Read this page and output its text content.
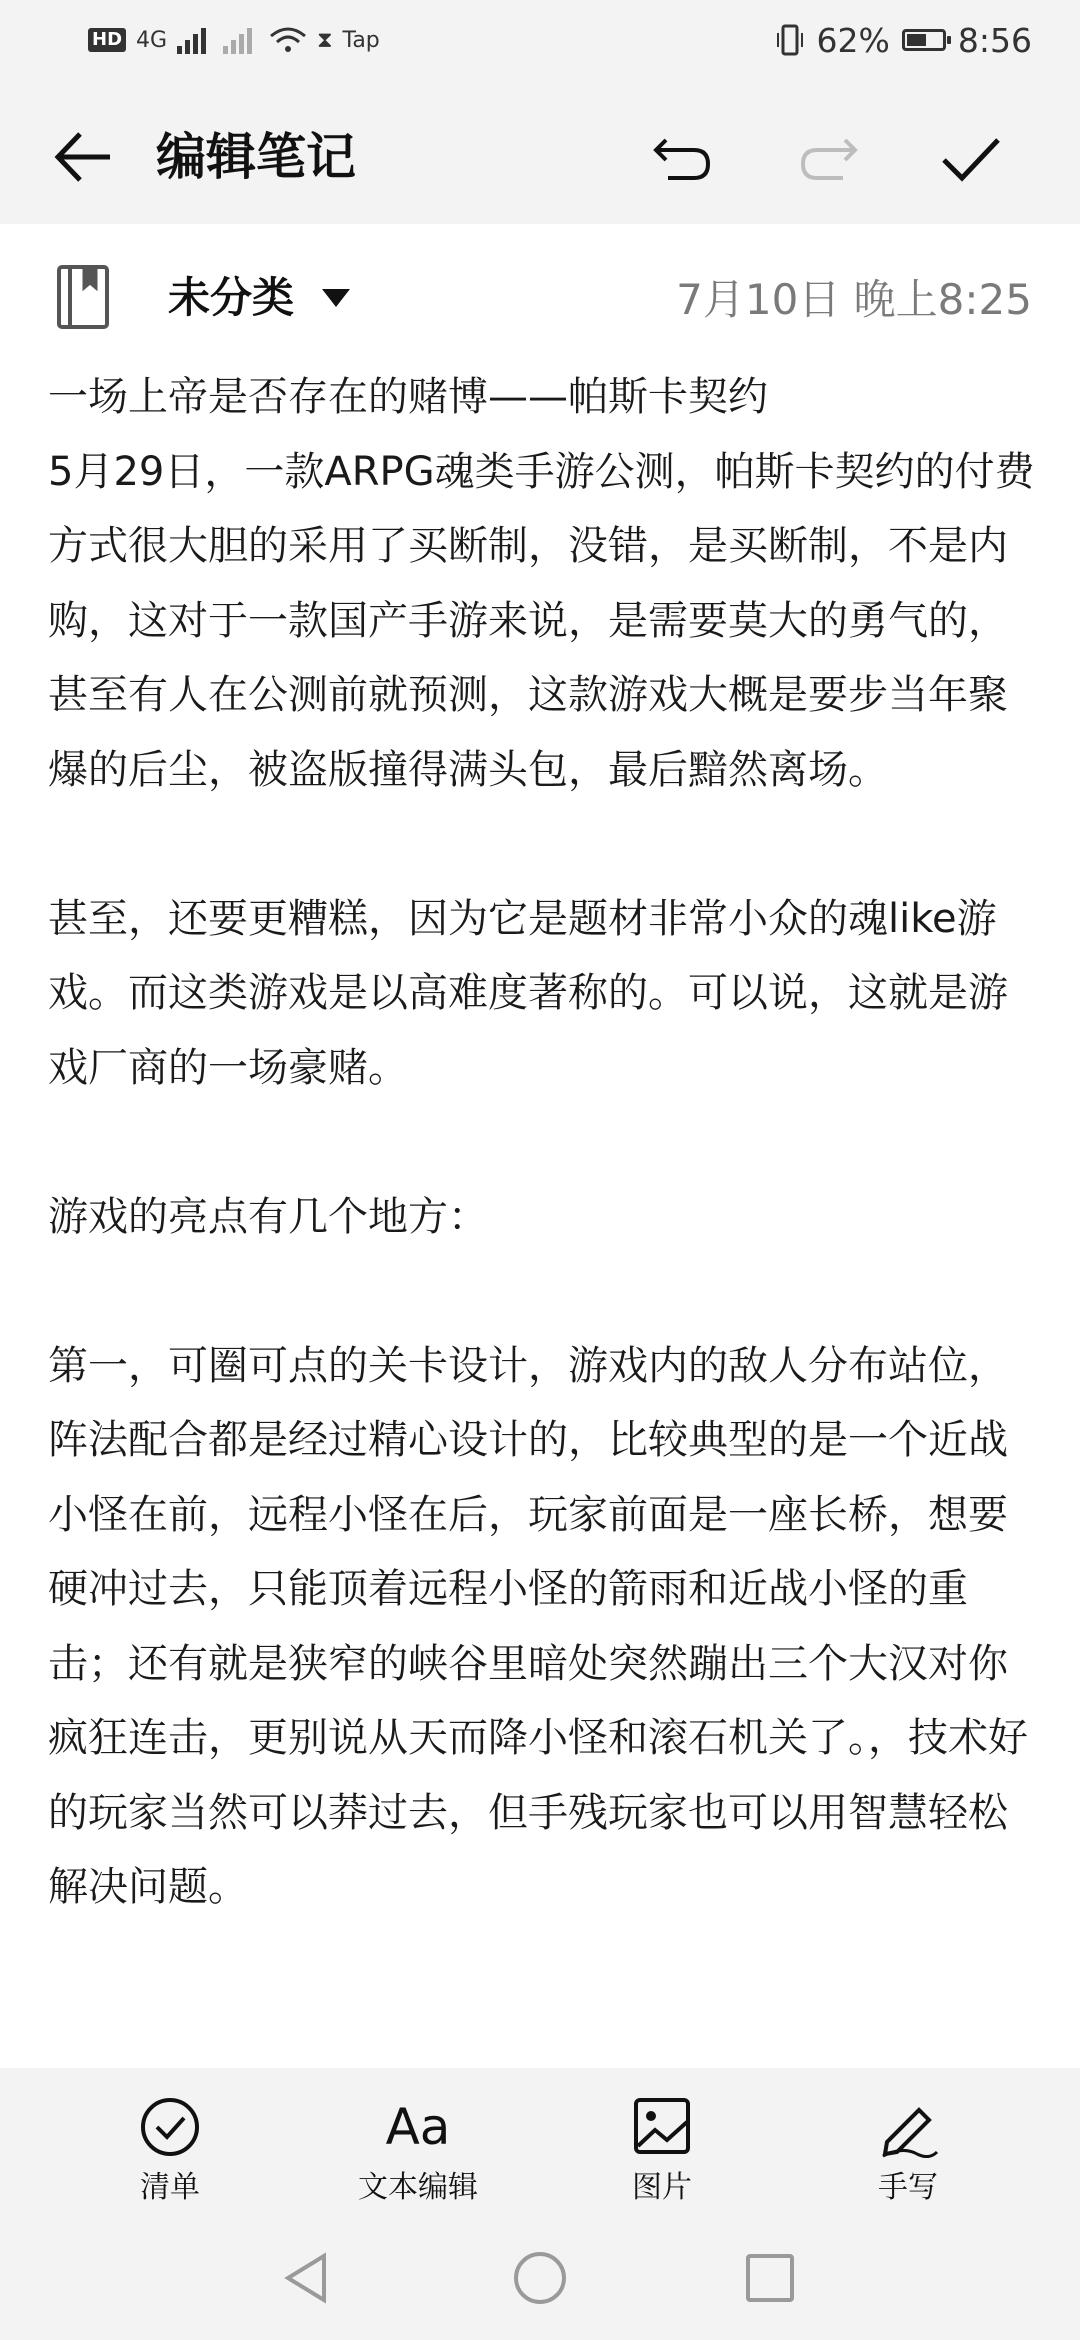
HD 4G	⧗ Tap	62% 8:56
编辑笔记
未分类	7月10日 晚上8:25

一场上帝是否存在的赌博——帕斯卡契约
5月29日，一款ARPG魂类手游公测，帕斯卡契约的付费方式很大胆的采用了买断制，没错，是买断制，不是内购，这对于一款国产手游来说，是需要莫大的勇气的，甚至有人在公测前就预测，这款游戏大概是要步当年聚爆的后尘，被盗版撞得满头包，最后黯然离场。

甚至，还要更糟糕，因为它是题材非常小众的魂like游戏。而这类游戏是以高难度著称的。可以说，这就是游戏厂商的一场豪赌。

游戏的亮点有几个地方：

第一，可圈可点的关卡设计，游戏内的敌人分布站位，阵法配合都是经过精心设计的，比较典型的是一个近战小怪在前，远程小怪在后，玩家前面是一座长桥，想要硬冲过去，只能顶着远程小怪的箭雨和近战小怪的重击；还有就是狭窄的峡谷里暗处突然蹦出三个大汉对你疯狂连击，更别说从天而降小怪和滚石机关了。，技术好的玩家当然可以莽过去，但手残玩家也可以用智慧轻松解决问题。

清单
Aa
文本编辑	图片	手写
